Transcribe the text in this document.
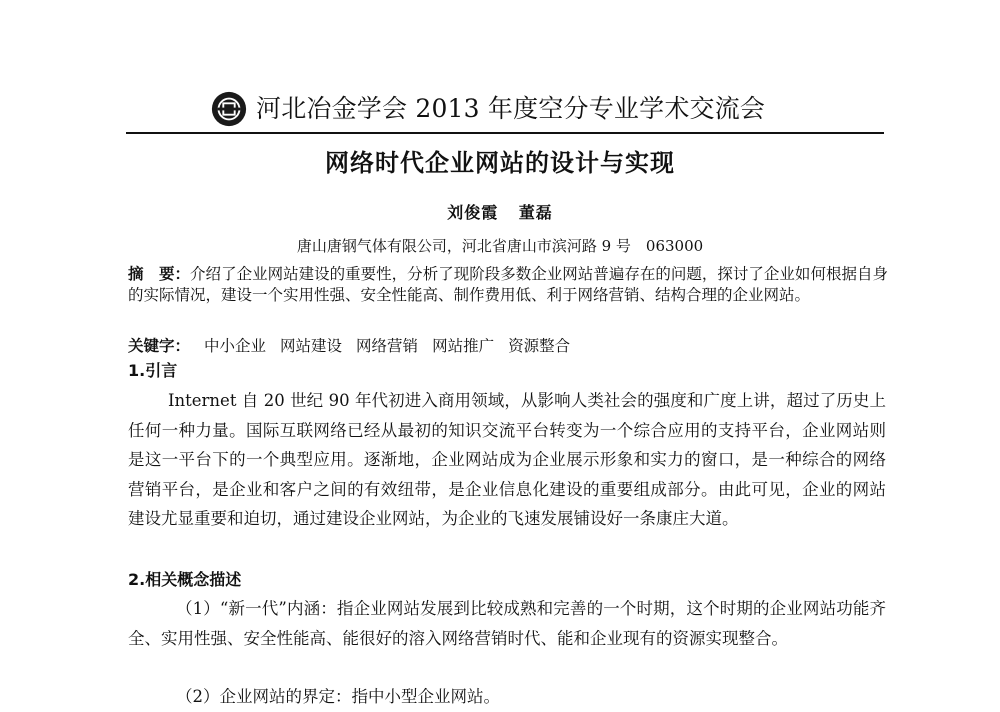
河北冶金学会 2013 年度空分专业学术交流会
网络时代企业网站的设计与实现
刘俊霞 董磊
唐山唐钢气体有限公司，河北省唐山市滨河路 9 号　063000
摘　要：介绍了企业网站建设的重要性，分析了现阶段多数企业网站普遍存在的问题，探讨了企业如何根据自身的实际情况，建设一个实用性强、安全性能高、制作费用低、利于网络营销、结构合理的企业网站。
关键字： 中小企业 网站建设 网络营销 网站推广 资源整合
1.引言
Internet 自 20 世纪 90 年代初进入商用领域，从影响人类社会的强度和广度上讲，超过了历史上任何一种力量。国际互联网络已经从最初的知识交流平台转变为一个综合应用的支持平台，企业网站则是这一平台下的一个典型应用。逐渐地，企业网站成为企业展示形象和实力的窗口，是一种综合的网络营销平台，是企业和客户之间的有效纽带，是企业信息化建设的重要组成部分。由此可见，企业的网站建设尤显重要和迫切，通过建设企业网站，为企业的飞速发展铺设好一条康庄大道。
2.相关概念描述
（1）“新一代”内涵：指企业网站发展到比较成熟和完善的一个时期，这个时期的企业网站功能齐全、实用性强、安全性能高、能很好的溶入网络营销时代、能和企业现有的资源实现整合。
（2）企业网站的界定：指中小型企业网站。
